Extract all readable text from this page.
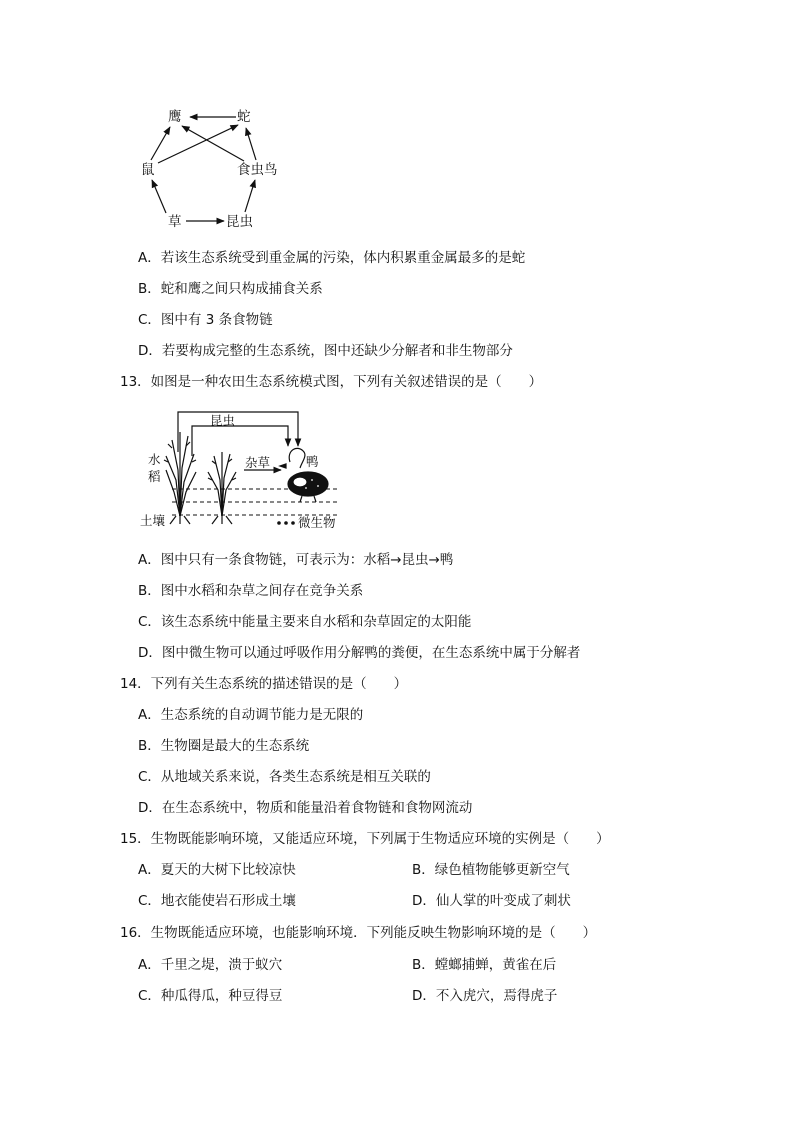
鹰	蛇
鼠	食虫鸟
草	昆虫
A．若该生态系统受到重金属的污染，体内积累重金属最多的是蛇
B．蛇和鹰之间只构成捕食关系
C．图中有 3 条食物链
D．若要构成完整的生态系统，图中还缺少分解者和非生物部分
13．如图是一种农田生态系统模式图，下列有关叙述错误的是（　　）
昆虫
水
稻
杂草	鸭
土壤	微生物
A．图中只有一条食物链，可表示为：水稻→昆虫→鸭
B．图中水稻和杂草之间存在竞争关系
C．该生态系统中能量主要来自水稻和杂草固定的太阳能
D．图中微生物可以通过呼吸作用分解鸭的粪便，在生态系统中属于分解者
14．下列有关生态系统的描述错误的是（　　）
A．生态系统的自动调节能力是无限的
B．生物圈是最大的生态系统
C．从地域关系来说，各类生态系统是相互关联的
D．在生态系统中，物质和能量沿着食物链和食物网流动
15．生物既能影响环境，又能适应环境，下列属于生物适应环境的实例是（　　）
A．夏天的大树下比较凉快	B．绿色植物能够更新空气
C．地衣能使岩石形成土壤	D．仙人掌的叶变成了刺状
16．生物既能适应环境，也能影响环境．下列能反映生物影响环境的是（　　）
A．千里之堤，溃于蚁穴	B．螳螂捕蝉，黄雀在后
C．种瓜得瓜，种豆得豆	D．不入虎穴，焉得虎子
